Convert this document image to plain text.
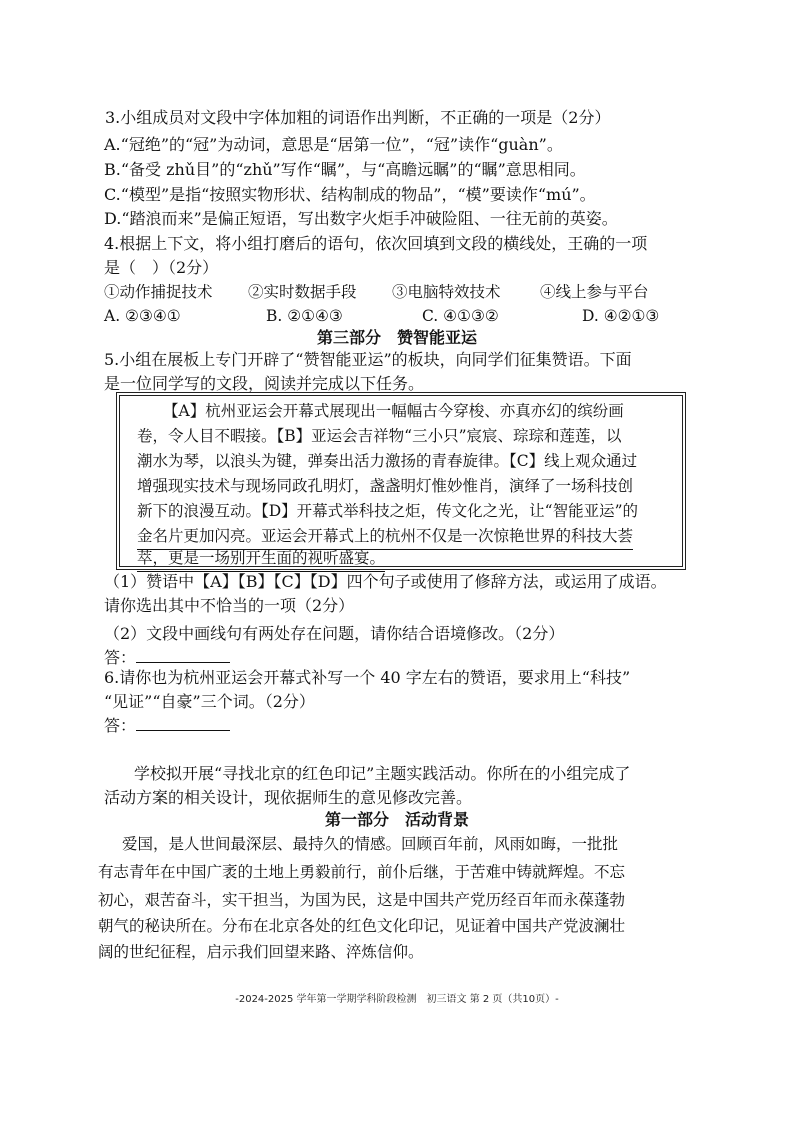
3.小组成员对文段中字体加粗的词语作出判断，不正确的一项是（2分）
A.“冠绝”的“冠”为动词，意思是“居第一位”，“冠”读作“guàn”。
B.“备受 zhǔ目”的“zhǔ”写作“瞩”，与“高瞻远瞩”的“瞩”意思相同。
C.“模型”是指“按照实物形状、结构制成的物品”，“模”要读作“mú”。
D.“踏浪而来”是偏正短语，写出数字火炬手冲破险阻、一往无前的英姿。
4.根据上下文，将小组打磨后的语句，依次回填到文段的横线处，王确的一项
是（　）（2分）
①动作捕捉技术 ②实时数据手段 ③电脑特效技术	④线上参与平台
A. ②③④①	B. ②①④③	C. ④①③②	D. ④②①③
第三部分　赞智能亚运
5.小组在展板上专门开辟了“赞智能亚运”的板块，向同学们征集赞语。下面
是一位同学写的文段，阅读并完成以下任务。
【A】杭州亚运会开幕式展现出一幅幅古今穿梭、亦真亦幻的缤纷画
卷，令人目不暇接。【B】亚运会吉祥物“三小只”宸宸、琮琮和莲莲，以
潮水为琴，以浪头为键，弹奏出活力激扬的青春旋律。【C】线上观众通过
增强现实技术与现场同政孔明灯，盏盏明灯惟妙惟肖，演绎了一场科技创
新下的浪漫互动。【D】开幕式举科技之炬，传文化之光，让“智能亚运”的
金名片更加闪亮。亚运会开幕式上的杭州不仅是一次惊艳世界的科技大荟
萃，更是一场别开生面的视听盛宴。
（1）赞语中【A】【B】【C】【D】四个句子或使用了修辞方法，或运用了成语。
请你选出其中不恰当的一项（2分）
（2）文段中画线句有两处存在问题，请你结合语境修改。（2分）
答：
6.请你也为杭州亚运会开幕式补写一个 40 字左右的赞语，要求用上“科技”
“见证”“自豪”三个词。（2分）
答：
学校拟开展“寻找北京的红色印记”主题实践活动。你所在的小组完成了
活动方案的相关设计，现依据师生的意见修改完善。
第一部分　活动背景
爱国，是人世间最深层、最持久的情感。回顾百年前，风雨如晦，一批批
有志青年在中国广袤的土地上勇毅前行，前仆后继，于苦难中铸就辉煌。不忘
初心，艰苦奋斗，实干担当，为国为民，这是中国共产党历经百年而永葆蓬勃
朝气的秘诀所在。分布在北京各处的红色文化印记，见证着中国共产党波澜壮
阔的世纪征程，启示我们回望来路、淬炼信仰。
-2024-2025 学年第一学期学科阶段检测　初三语文 第 2 页（共10页）-
